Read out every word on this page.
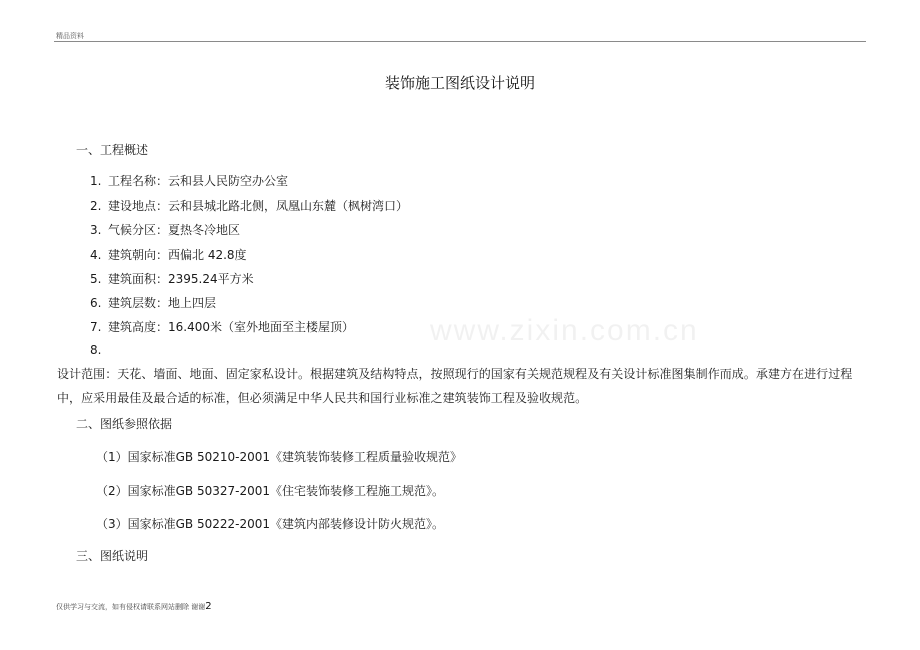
精品资料
装饰施工图纸设计说明
一、工程概述
1. 工程名称：云和县人民防空办公室
2. 建设地点：云和县城北路北侧，凤凰山东麓（枫树湾口）
3. 气候分区：夏热冬冷地区
4. 建筑朝向：西偏北 42.8度
5. 建筑面积：2395.24平方米
6. 建筑层数：地上四层
7. 建筑高度：16.400米（室外地面至主楼屋顶）
8.
设计范围：天花、墙面、地面、固定家私设计。根据建筑及结构特点，按照现行的国家有关规范规程及有关设计标准图集制作而成。承建方在进行过程中，应采用最佳及最合适的标准，但必须满足中华人民共和国行业标准之建筑装饰工程及验收规范。
二、图纸参照依据
（1）国家标准GB 50210-2001《建筑装饰装修工程质量验收规范》
（2）国家标准GB 50327-2001《住宅装饰装修工程施工规范》。
（3）国家标准GB 50222-2001《建筑内部装修设计防火规范》。
三、图纸说明
www.zixin.com.cn
仅供学习与交流，如有侵权请联系网站删除 谢谢2
